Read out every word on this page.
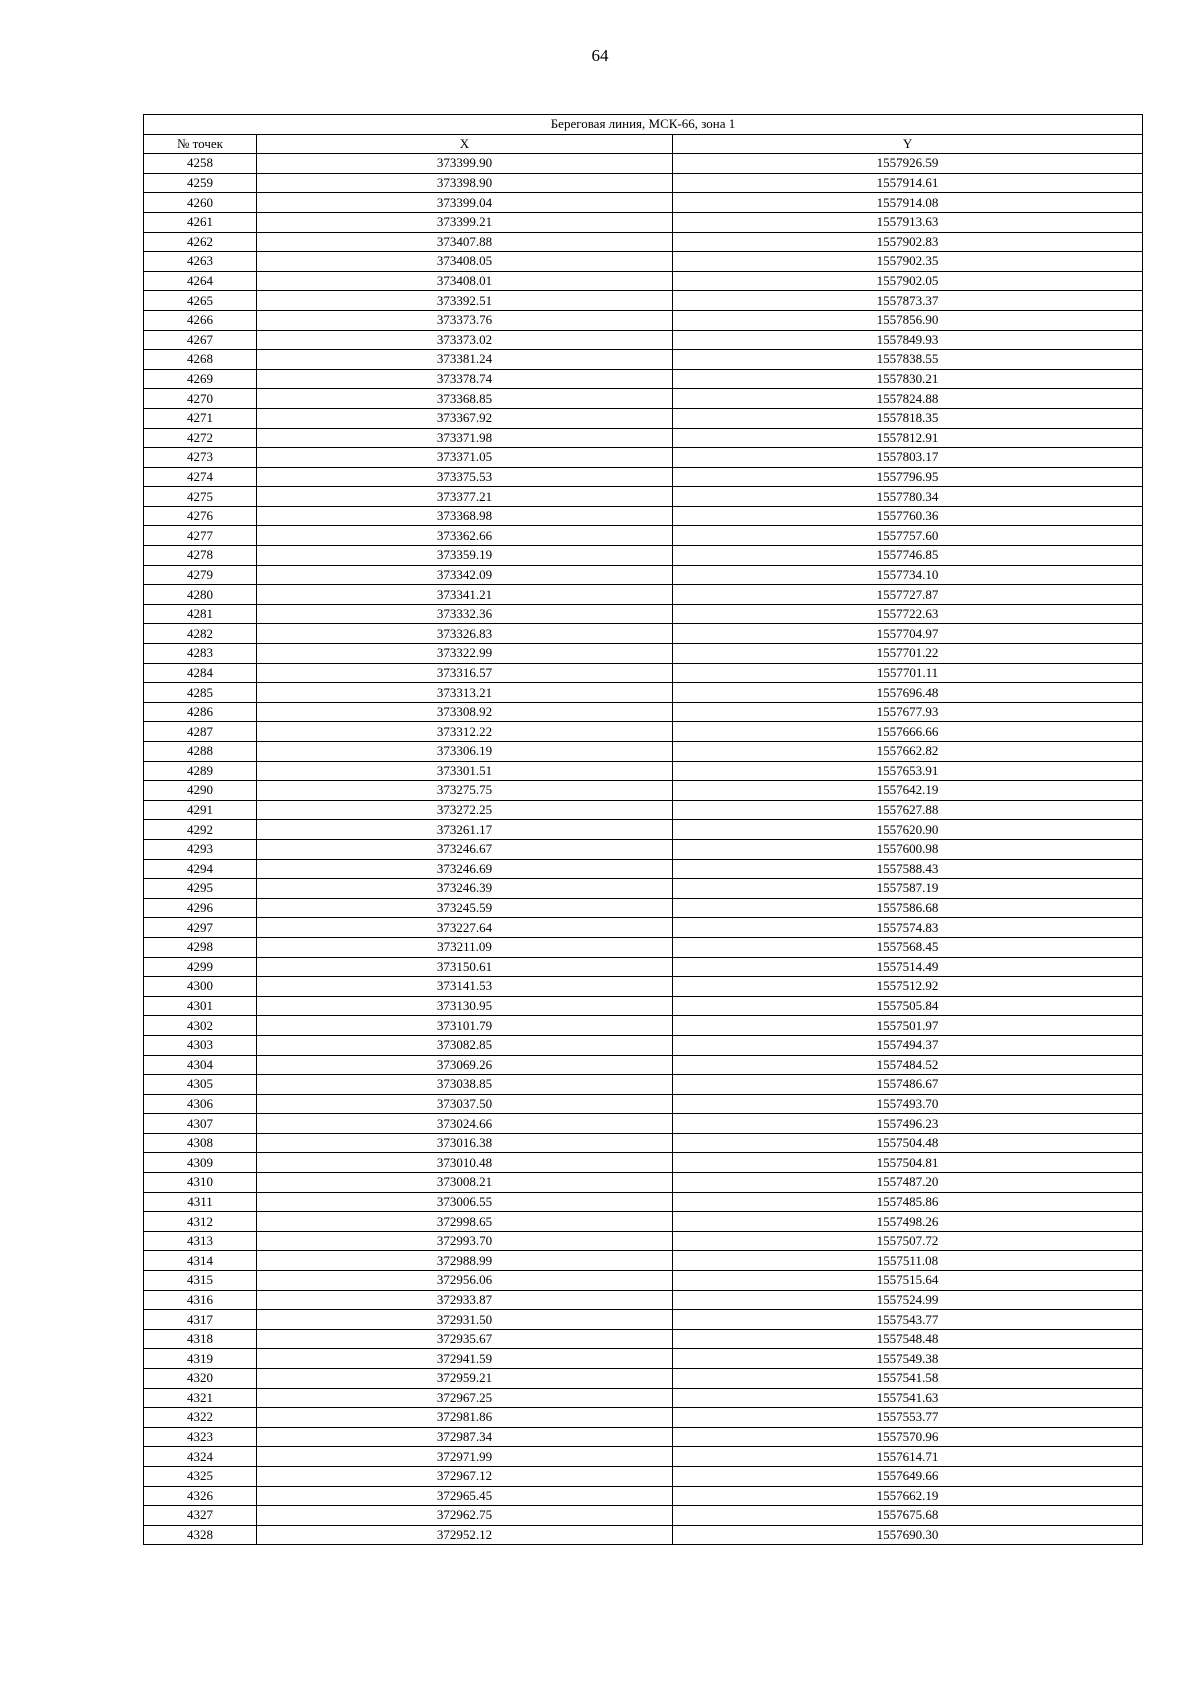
64
Береговая линия, МСК-66, зона 1		
№ точек	X	Y
4258	373399.90	1557926.59
4259	373398.90	1557914.61
4260	373399.04	1557914.08
4261	373399.21	1557913.63
4262	373407.88	1557902.83
4263	373408.05	1557902.35
4264	373408.01	1557902.05
4265	373392.51	1557873.37
4266	373373.76	1557856.90
4267	373373.02	1557849.93
4268	373381.24	1557838.55
4269	373378.74	1557830.21
4270	373368.85	1557824.88
4271	373367.92	1557818.35
4272	373371.98	1557812.91
4273	373371.05	1557803.17
4274	373375.53	1557796.95
4275	373377.21	1557780.34
4276	373368.98	1557760.36
4277	373362.66	1557757.60
4278	373359.19	1557746.85
4279	373342.09	1557734.10
4280	373341.21	1557727.87
4281	373332.36	1557722.63
4282	373326.83	1557704.97
4283	373322.99	1557701.22
4284	373316.57	1557701.11
4285	373313.21	1557696.48
4286	373308.92	1557677.93
4287	373312.22	1557666.66
4288	373306.19	1557662.82
4289	373301.51	1557653.91
4290	373275.75	1557642.19
4291	373272.25	1557627.88
4292	373261.17	1557620.90
4293	373246.67	1557600.98
4294	373246.69	1557588.43
4295	373246.39	1557587.19
4296	373245.59	1557586.68
4297	373227.64	1557574.83
4298	373211.09	1557568.45
4299	373150.61	1557514.49
4300	373141.53	1557512.92
4301	373130.95	1557505.84
4302	373101.79	1557501.97
4303	373082.85	1557494.37
4304	373069.26	1557484.52
4305	373038.85	1557486.67
4306	373037.50	1557493.70
4307	373024.66	1557496.23
4308	373016.38	1557504.48
4309	373010.48	1557504.81
4310	373008.21	1557487.20
4311	373006.55	1557485.86
4312	372998.65	1557498.26
4313	372993.70	1557507.72
4314	372988.99	1557511.08
4315	372956.06	1557515.64
4316	372933.87	1557524.99
4317	372931.50	1557543.77
4318	372935.67	1557548.48
4319	372941.59	1557549.38
4320	372959.21	1557541.58
4321	372967.25	1557541.63
4322	372981.86	1557553.77
4323	372987.34	1557570.96
4324	372971.99	1557614.71
4325	372967.12	1557649.66
4326	372965.45	1557662.19
4327	372962.75	1557675.68
4328	372952.12	1557690.30
